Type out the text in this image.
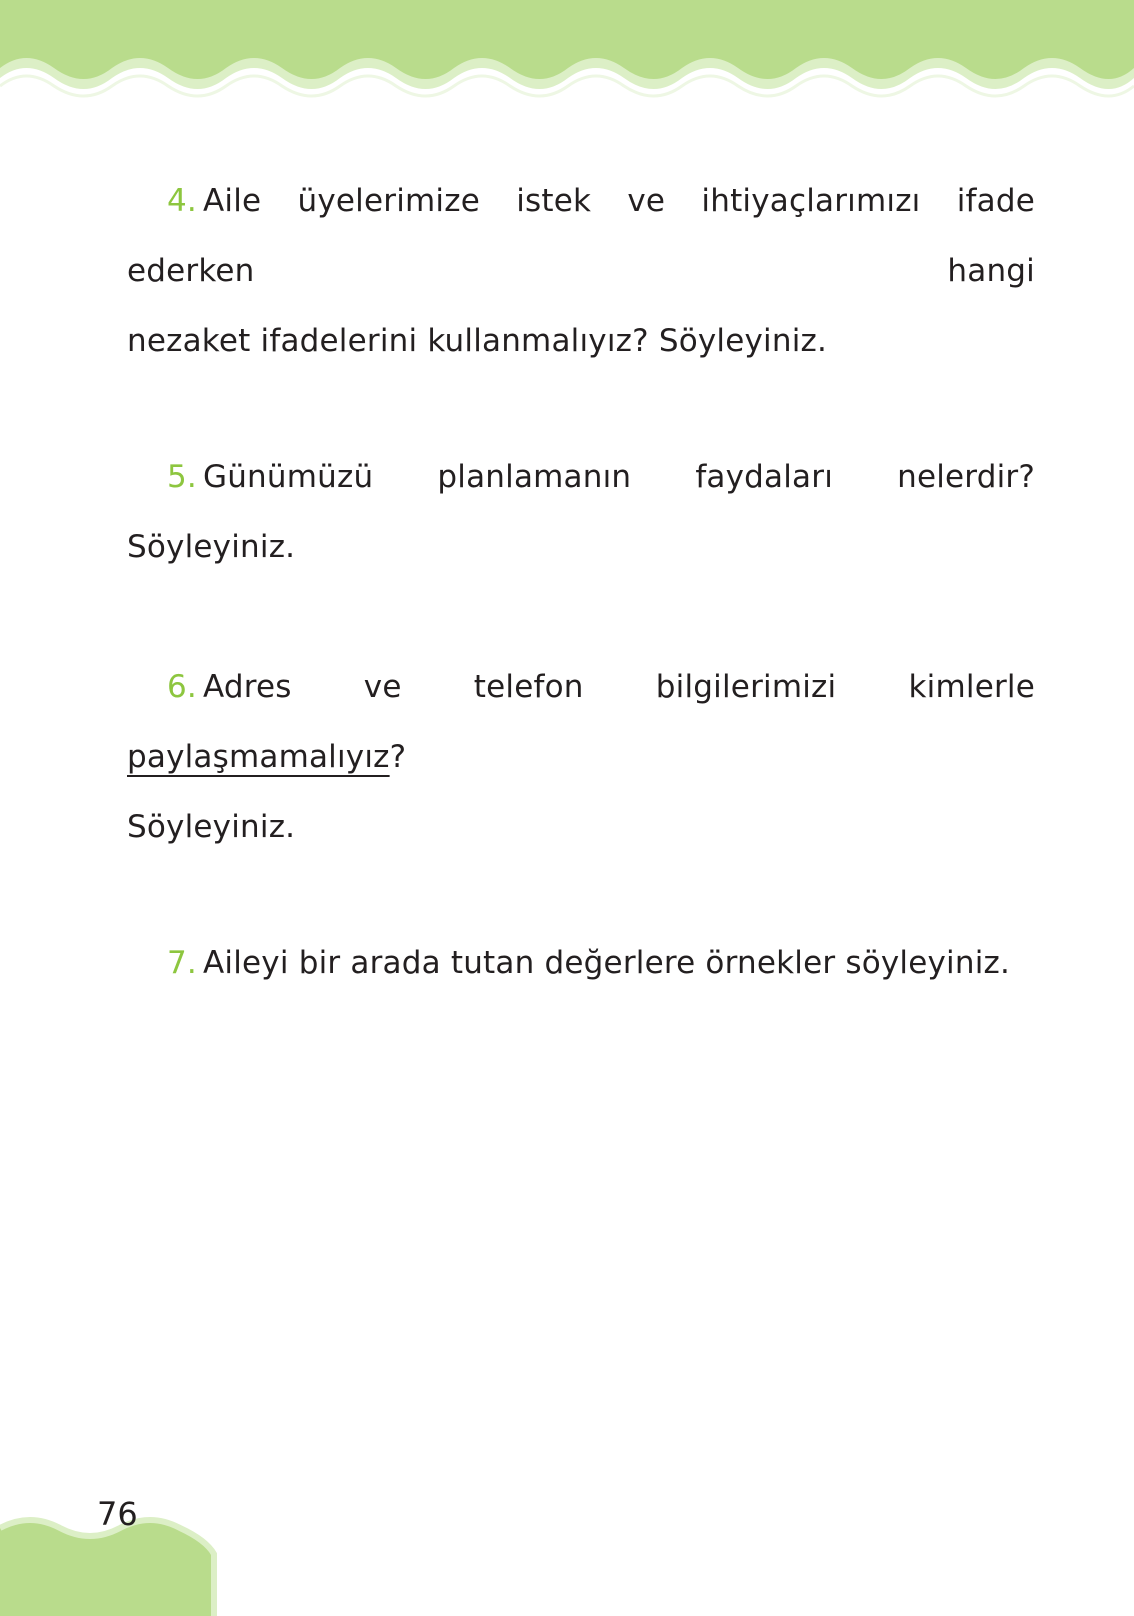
4. Aile üyelerimize istek ve ihtiyaçlarımızı ifade ederken hangi
nezaket ifadelerini kullanmalıyız? Söyleyiniz.
5. Günümüzü planlamanın faydaları nelerdir? Söyleyiniz.
6. Adres ve telefon bilgilerimizi kimlerle paylaşmamalıyız?
Söyleyiniz.
7. Aileyi bir arada tutan değerlere örnekler söyleyiniz.
76
